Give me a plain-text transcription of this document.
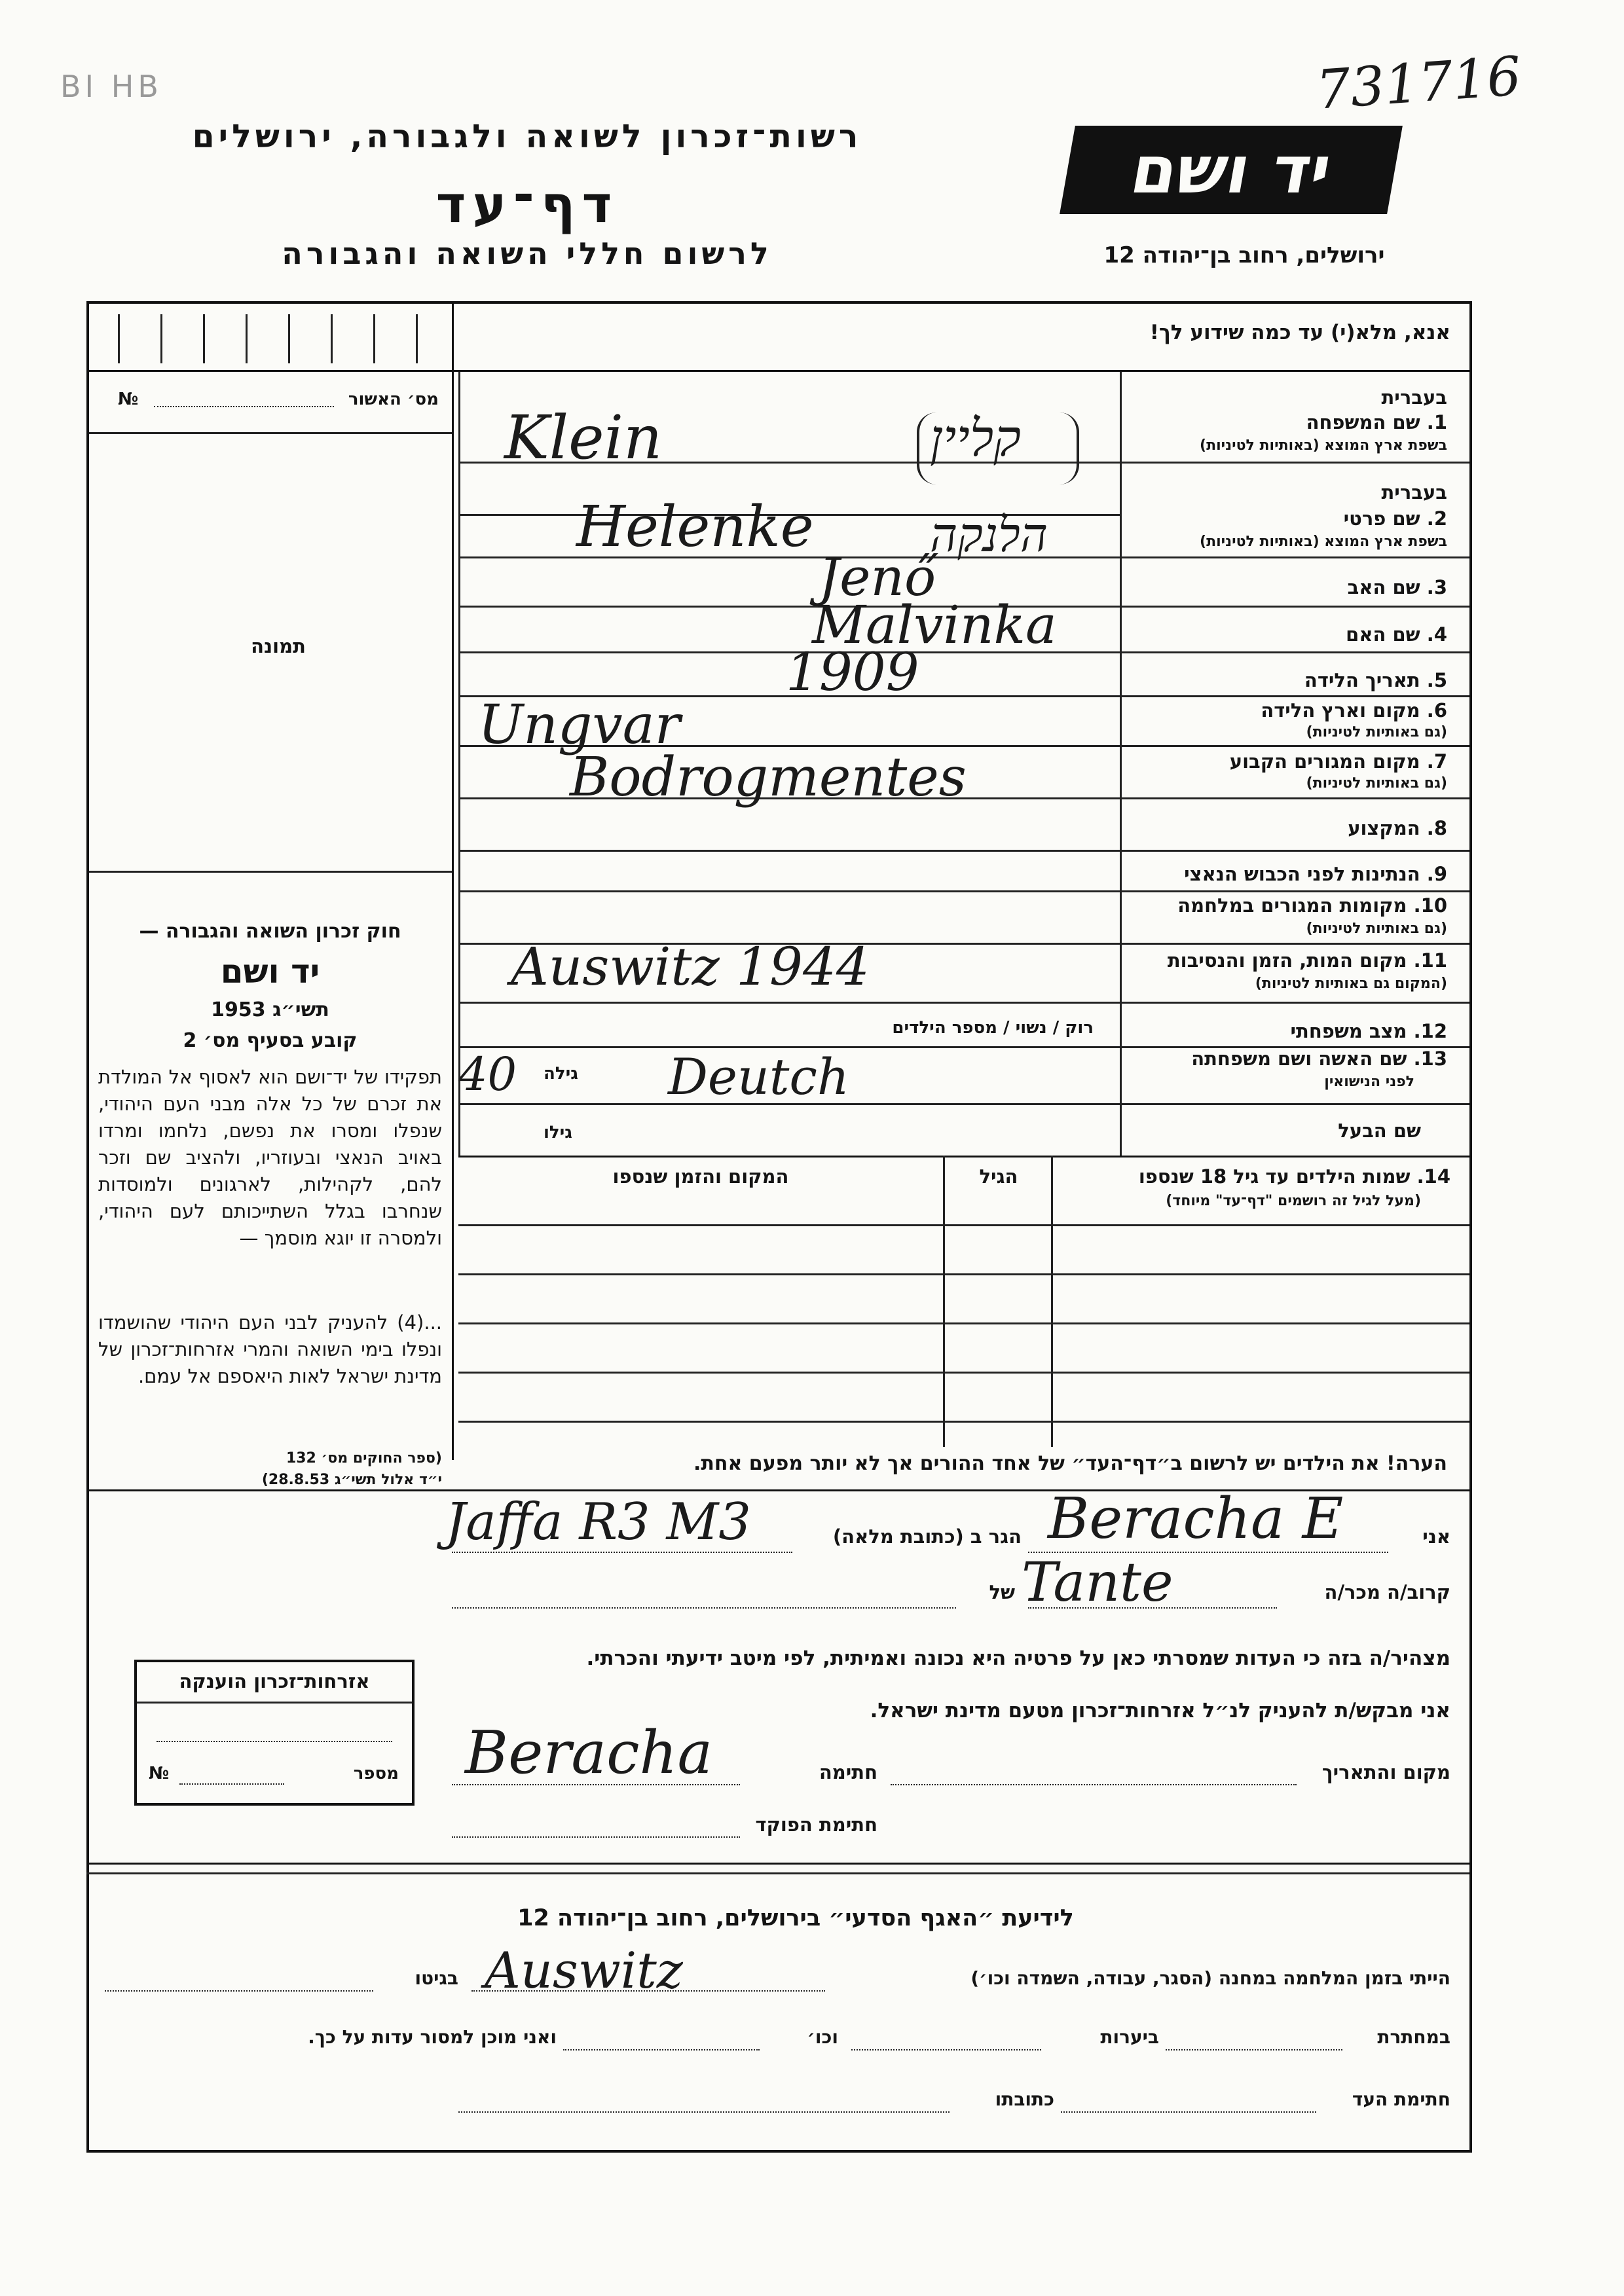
731716
ВІ НВ
רשות־זכרון לשואה ולגבורה, ירושלים
דף־עד
לרשום חללי השואה והגבורה
יד ושם
ירושלים, רחוב בן־יהודה 12
אנא, מלא(י) עד כמה שידוע לך!
מס׳ האשור
№
תמונה
חוק זכרון השואה והגבורה —
יד ושם
תשי״ג 1953
קובע בסעיף מס׳ 2
תפקידו של יד־ושם הוא לאסוף אל המולדת את זכרם של כל אלה מבני העם היהודי, שנפלו ומסרו את נפשם, נלחמו ומרדו באויב הנאצי ובעוזריו, ולהציב שם וזכר להם, לקהילות, לארגונים ולמוסדות שנחרבו בגלל השתייכותם לעם היהודי, ולמסרה זו יוגא מוסמך —
...(4) להעניק לבני העם היהודי שהושמדו ונפלו בימי השואה והמרי אזרחות־זכרון של מדינת ישראל לאות היאספם אל עמם.
(ספר החוקים מס׳ 132
י״ד אלול תשי״ג 28.8.53)
בעברית
1. שם המשפחה
בשפת ארץ המוצא (באותיות לטיניות)
בעברית
2. שם פרטי
בשפת ארץ המוצא (באותיות לטיניות)
3. שם האב
4. שם האם
5. תאריך הלידה
6. מקום וארץ הלידה
(גם באותיות לטיניות)
7. מקום המגורים הקבוע
(גם באותיות לטיניות)
8. המקצוע
9. הנתינות לפני הכבוש הנאצי
10. מקומות המגורים במלחמה
(גם באותיות לטיניות)
11. מקום המות, הזמן והנסיבות
(המקום גם באותיות לטיניות)
12. מצב משפחתי
13. שם האשה ושם משפחתה
לפני הנישואין
שם הבעל
Klein	קליין
Helenke הלנקה
Jenő
Malvinka
1909
Ungvar
Bodrogmentes
Auswitz 1944
רוק / נשוי / מספר הילדים
Deutch
גילה
40
גילו
14. שמות הילדים עד גיל 18 שנספו
(מעל לגיל זה רושמים "דף־עד" מיוחד)
הגיל
המקום והזמן שנספו
הערה! את הילדים יש לרשום ב״דף־העד״ של אחד ההורים אך לא יותר מפעם אחת.
אני
Beracha E
הגר ב (כתובת מלאה)
Jaffa R3 M3
קרוב/ה מכר/ה
Tante
של
מצהיר/ה בזה כי העדות שמסרתי כאן על פרטיה היא נכונה ואמיתית, לפי מיטב ידיעתי והכרתי.
אני מבקש/ת להעניק לנ״ל אזרחות־זכרון מטעם מדינת ישראל.
אזרחות־זכרון הוענקה
מספר
№	מקום והתאריך
חתימה
Beracha
חתימת הפוקד
לידיעת ״האגף הסדעי״ בירושלים, רחוב בן־יהודה 12
הייתי בזמן המלחמה במחנה (הסגר, עבודה, השמדה וכו׳)
Auswitz
בגיטו
במחתרת
ביערות
וכו׳
ואני מוכן למסור עדות על כך.
חתימת העד
כתובתו
